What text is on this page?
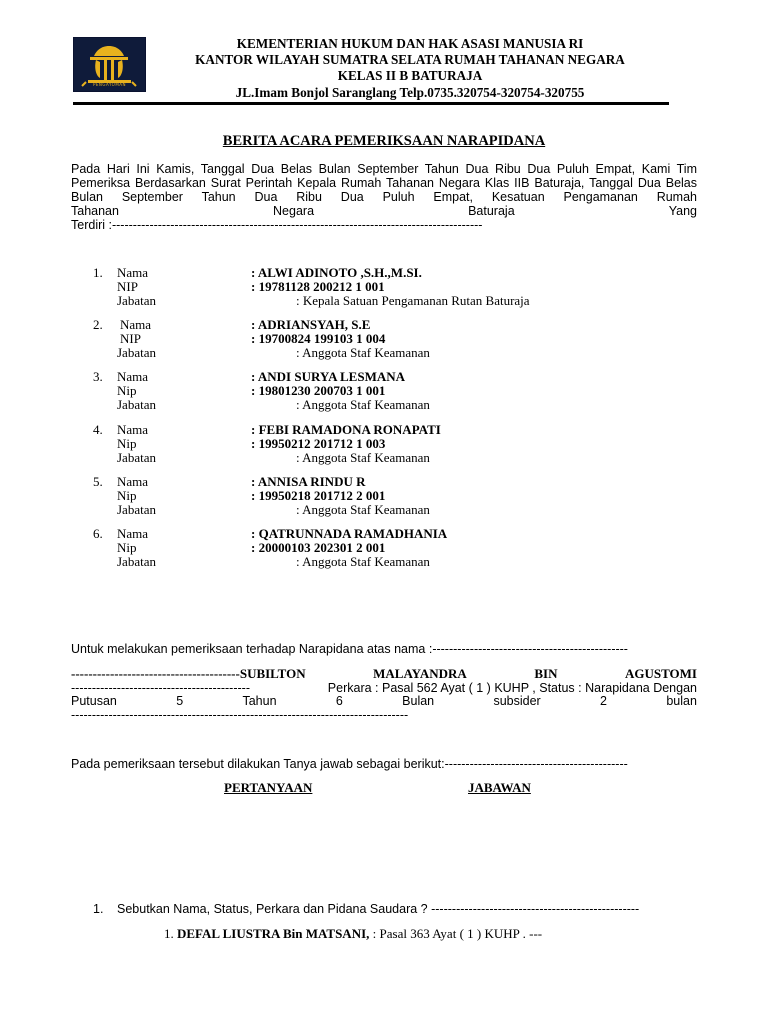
PENGAYOMAN
KEMENTERIAN HUKUM DAN HAK ASASI MANUSIA RI
KANTOR WILAYAH SUMATRA SELATA RUMAH TAHANAN NEGARA
KELAS II B BATURAJA
JL.Imam Bonjol Saranglang Telp.0735.320754-320754-320755
BERITA ACARA PEMERIKSAAN NARAPIDANA

Pada Hari Ini Kamis, Tanggal Dua Belas Bulan September Tahun Dua Ribu Dua Puluh Empat, Kami Tim Pemeriksa Berdasarkan Surat Perintah Kepala Rumah Tahanan Negara Klas IIB Baturaja, Tanggal Dua Belas Bulan September Tahun Dua Ribu Dua Puluh Empat, Kesatuan Pengamanan Rumah

Tahanan	Negara	Baturaja	Yang
Terdiri :-----------------------------------------------------------------------------------------
1. Nama	: ALWI ADINOTO ,S.H.,M.SI.
NIP	: 19781128 200212 1 001
Jabatan	: Kepala Satuan Pengamanan Rutan Baturaja
2. Nama	: ADRIANSYAH, S.E
NIP	: 19700824 199103 1 004
Jabatan	: Anggota Staf Keamanan
3. Nama	: ANDI SURYA LESMANA
Nip	: 19801230 200703 1 001
Jabatan	: Anggota Staf Keamanan
4. Nama	: FEBI RAMADONA RONAPATI
Nip	: 19950212 201712 1 003
Jabatan	: Anggota Staf Keamanan
5. Nama	: ANNISA RINDU R
Nip	: 19950218 201712 2 001
Jabatan	: Anggota Staf Keamanan
6. Nama	: QATRUNNADA RAMADHANIA
Nip	: 20000103 202301 2 001
Jabatan	: Anggota Staf Keamanan
Untuk melakukan pemeriksaan terhadap Narapidana atas nama :-----------------------------------------------
---------------------------------------SUBILTON	MALAYANDRA	BIN	AGUSTOMI
-------------------------------------------	Perkara : Pasal 562 Ayat ( 1 ) KUHP , Status : Narapidana Dengan
Putusan	5	Tahun	6	Bulan	subsider	2	bulan
---------------------------------------------------------------------------------
Pada pemeriksaan tersebut dilakukan Tanya jawab sebagai berikut:--------------------------------------------
PERTANYAAN	JABAWAN
1. Sebutkan Nama, Status, Perkara dan Pidana Saudara ? --------------------------------------------------
1. DEFAL LIUSTRA Bin MATSANI, : Pasal 363 Ayat ( 1 ) KUHP . ---
